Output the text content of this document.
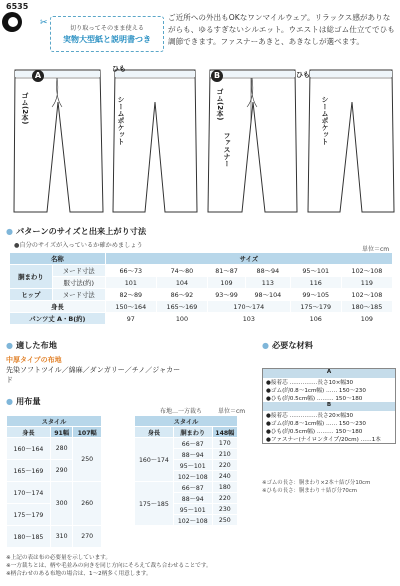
6535
✂
切り取ってそのまま使える
実物大型紙と説明書つき
ご近所への外出もOKなワンマイルウェア。リラックス感がありながらも、ゆるすぎないシルエット。ウエストは総ゴム仕立てでひも調節できます。ファスナーあきと、あきなしが選べます。
A	B
ひも
ゴム(2本)	シームポケット
ひも
ゴム(2本)
ファスナー
シームポケット
● パターンのサイズと出来上がり寸法
●自分のサイズが入っているか確かめましょう
単位＝cm
名称		サイズ					
胴まわり	ヌード寸法	66～73	74～80	81～87	88～94	95～101	102～108
	服寸法(約)	101	104	109	113	116	119
ヒップ	ヌード寸法	82～89	86～92	93～99	98～104	99～105	102～108
身長		150～164	165～169	170～174		175～179	180～185
パンツ丈 A・B(約)		97	100	103		106	109
● 適した布地
中厚タイプの布地
先染ソフトツイル／綿麻／ダンガリー／チノ／ジャカード
● 必要な材料
A
●接着芯 ……………長さ10×幅30
●ゴム(約0.8～1cm幅) …… 150～230
●ひも(約0.5cm幅) ……… 150～180
B
●接着芯 ……………長さ20×幅30
●ゴム(約0.8～1cm幅) …… 150～230
●ひも(約0.5cm幅) ……… 150～180
●ファスナー(ナイロンタイプ/20cm) ……1本
※ゴムの長さ：胴まわり×2本＋結び分10cm
※ひもの長さ：胴まわり＋結び分70cm
● 用布量
布地…一方裁ち	単位＝cm
スタイル		
身長	91幅	107幅
160～164	280	250
165～169	290	
170～174	300	260
175～179		
180～185	310	270
スタイル		
身長	胴まわり	148幅
160～174	66～87	170
	88～94	210
	95～101	220
	102～108	240
175～185	66～87	180
	88～94	220
	95～101	230
	102～108	250
※上記の表は布の必要量を示しています。
※一方裁ちとは、柄や毛並みの向きを同じ方向にそろえて裁ち合わせることです。
※柄合わせのある布地の場合は、1～2柄多く用意します。
